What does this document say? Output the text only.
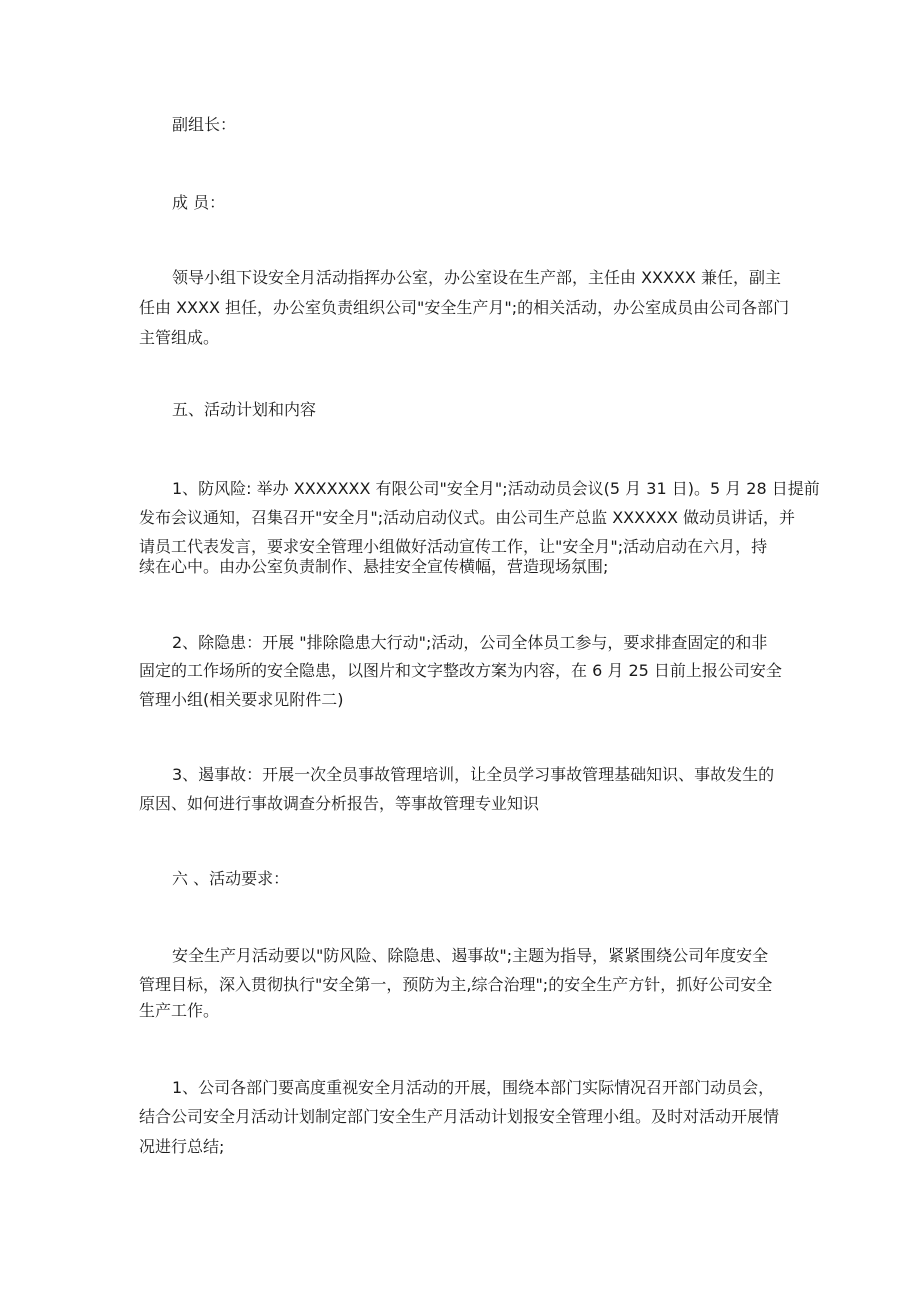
副组长：
成 员：
领导小组下设安全月活动指挥办公室，办公室设在生产部，主任由 XXXXX 兼任，副主
任由 XXXX 担任，办公室负责组织公司"安全生产月";的相关活动，办公室成员由公司各部门
主管组成。
五、活动计划和内容
1、防风险: 举办 XXXXXXX 有限公司"安全月";活动动员会议(5 月 31 日)。5 月 28 日提前
发布会议通知，召集召开"安全月";活动启动仪式。由公司生产总监 XXXXXX 做动员讲话，并
请员工代表发言，要求安全管理小组做好活动宣传工作，让"安全月";活动启动在六月，持
续在心中。由办公室负责制作、悬挂安全宣传横幅，营造现场氛围;
2、除隐患：开展 "排除隐患大行动";活动，公司全体员工参与，要求排查固定的和非
固定的工作场所的安全隐患，以图片和文字整改方案为内容，在 6 月 25 日前上报公司安全
管理小组(相关要求见附件二)
3、遏事故：开展一次全员事故管理培训，让全员学习事故管理基础知识、事故发生的
原因、如何进行事故调查分析报告，等事故管理专业知识
六 、活动要求：
安全生产月活动要以"防风险、除隐患、遏事故";主题为指导，紧紧围绕公司年度安全
管理目标，深入贯彻执行"安全第一，预防为主,综合治理";的安全生产方针，抓好公司安全
生产工作。
1、公司各部门要高度重视安全月活动的开展，围绕本部门实际情况召开部门动员会，
结合公司安全月活动计划制定部门安全生产月活动计划报安全管理小组。及时对活动开展情
况进行总结;
